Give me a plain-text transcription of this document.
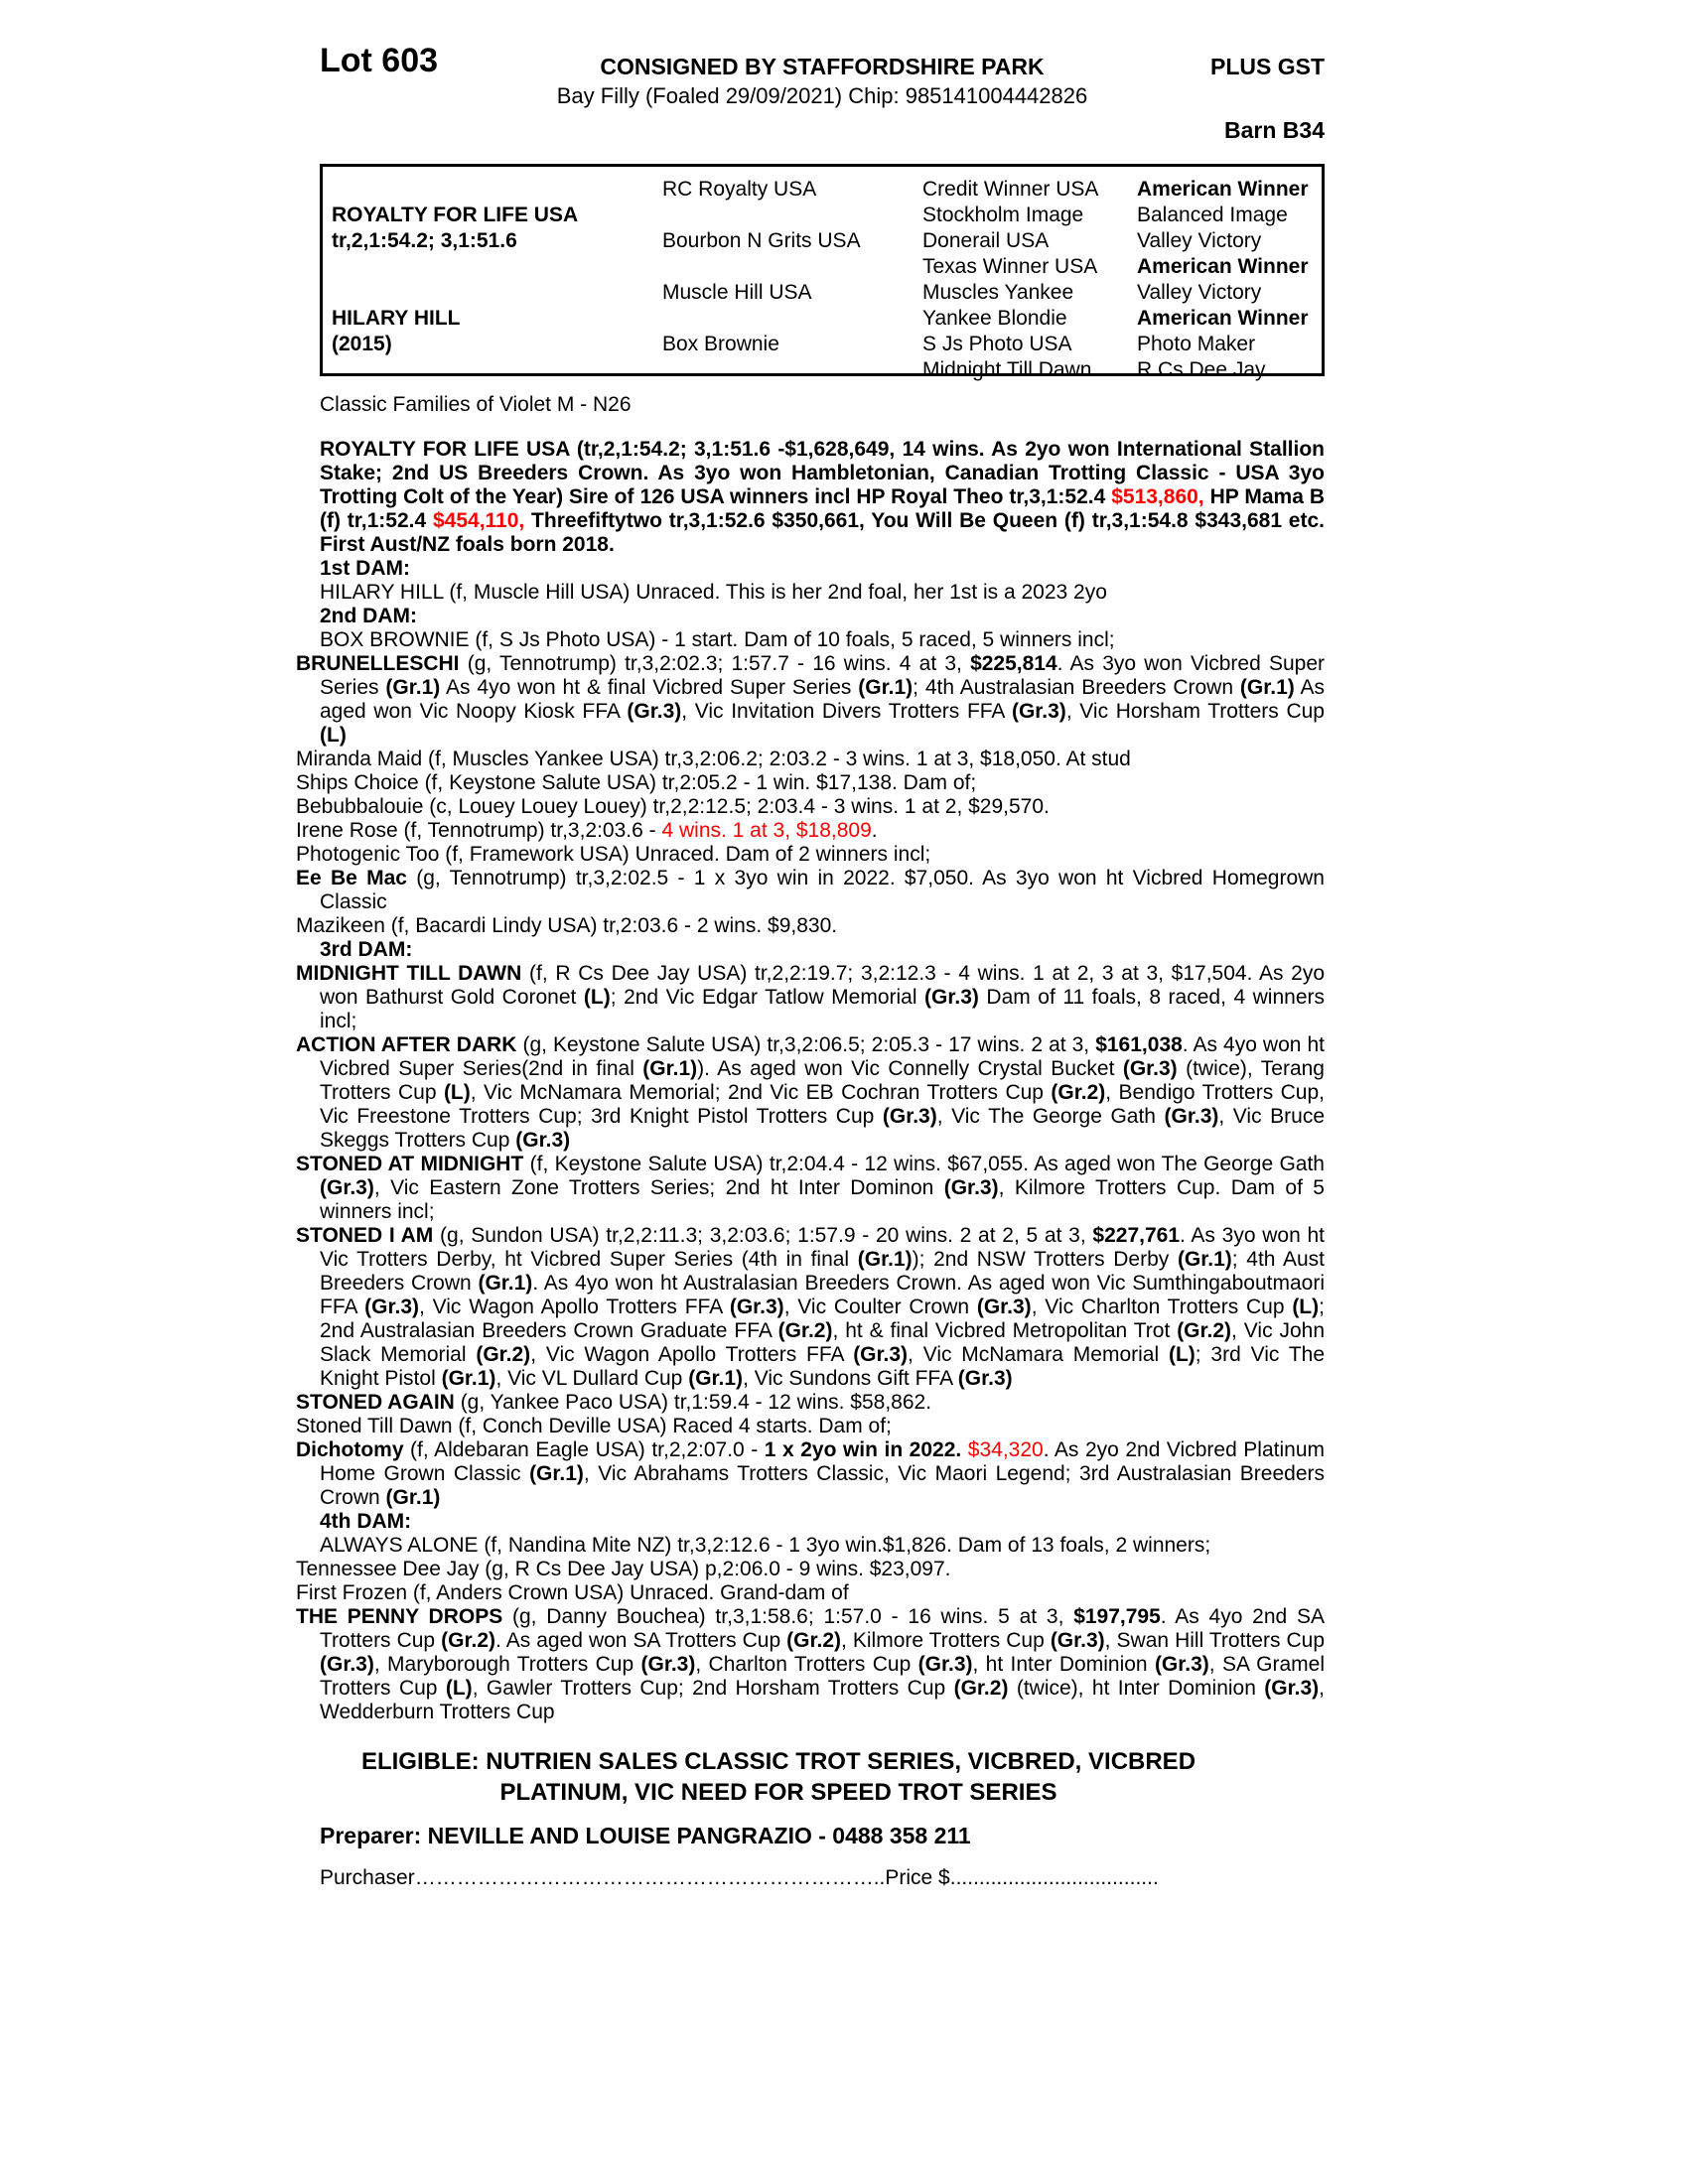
Lot 603	CONSIGNED BY STAFFORDSHIRE PARK	PLUS GST
Bay Filly (Foaled 29/09/2021) Chip: 985141004442826
Barn B34
ROYALTY FOR LIFE USA
tr,2,1:54.2; 3,1:51.6
HILARY HILL
(2015)
RC Royalty USA
Bourbon N Grits USA
Muscle Hill USA
Box Brownie
Credit Winner USA
Stockholm Image
Donerail USA
Texas Winner USA
Muscles Yankee
Yankee Blondie
S Js Photo USA
Midnight Till Dawn
American Winner
Balanced Image
Valley Victory
American Winner
Valley Victory
American Winner
Photo Maker
R Cs Dee Jay

Classic Families of Violet M - N26

ROYALTY FOR LIFE USA (tr,2,1:54.2; 3,1:51.6 -$1,628,649, 14 wins. As 2yo won International Stallion Stake; 2nd US Breeders Crown. As 3yo won Hambletonian, Canadian Trotting Classic - USA 3yo Trotting Colt of the Year) Sire of 126 USA winners incl HP Royal Theo tr,3,1:52.4 $513,860, HP Mama B (f) tr,1:52.4 $454,110, Threefiftytwo tr,3,1:52.6 $350,661, You Will Be Queen (f) tr,3,1:54.8 $343,681 etc. First Aust/NZ foals born 2018.

1st DAM:

HILARY HILL (f, Muscle Hill USA) Unraced. This is her 2nd foal, her 1st is a 2023 2yo

2nd DAM:

BOX BROWNIE (f, S Js Photo USA) - 1 start. Dam of 10 foals, 5 raced, 5 winners incl;

BRUNELLESCHI (g, Tennotrump) tr,3,2:02.3; 1:57.7 - 16 wins. 4 at 3, $225,814. As 3yo won Vicbred Super Series (Gr.1) As 4yo won ht & final Vicbred Super Series (Gr.1); 4th Australasian Breeders Crown (Gr.1) As aged won Vic Noopy Kiosk FFA (Gr.3), Vic Invitation Divers Trotters FFA (Gr.3), Vic Horsham Trotters Cup (L)

Miranda Maid (f, Muscles Yankee USA) tr,3,2:06.2; 2:03.2 - 3 wins. 1 at 3, $18,050. At stud

Ships Choice (f, Keystone Salute USA) tr,2:05.2 - 1 win. $17,138. Dam of;

Bebubbalouie (c, Louey Louey Louey) tr,2,2:12.5; 2:03.4 - 3 wins. 1 at 2, $29,570.

Irene Rose (f, Tennotrump) tr,3,2:03.6 - 4 wins. 1 at 3, $18,809.

Photogenic Too (f, Framework USA) Unraced. Dam of 2 winners incl;

Ee Be Mac (g, Tennotrump) tr,3,2:02.5 - 1 x 3yo win in 2022. $7,050. As 3yo won ht Vicbred Homegrown Classic

Mazikeen (f, Bacardi Lindy USA) tr,2:03.6 - 2 wins. $9,830.

3rd DAM:

MIDNIGHT TILL DAWN (f, R Cs Dee Jay USA) tr,2,2:19.7; 3,2:12.3 - 4 wins. 1 at 2, 3 at 3, $17,504. As 2yo won Bathurst Gold Coronet (L); 2nd Vic Edgar Tatlow Memorial (Gr.3) Dam of 11 foals, 8 raced, 4 winners incl;

ACTION AFTER DARK (g, Keystone Salute USA) tr,3,2:06.5; 2:05.3 - 17 wins. 2 at 3, $161,038. As 4yo won ht Vicbred Super Series(2nd in final (Gr.1)). As aged won Vic Connelly Crystal Bucket (Gr.3) (twice), Terang Trotters Cup (L), Vic McNamara Memorial; 2nd Vic EB Cochran Trotters Cup (Gr.2), Bendigo Trotters Cup, Vic Freestone Trotters Cup; 3rd Knight Pistol Trotters Cup (Gr.3), Vic The George Gath (Gr.3), Vic Bruce Skeggs Trotters Cup (Gr.3)

STONED AT MIDNIGHT (f, Keystone Salute USA) tr,2:04.4 - 12 wins. $67,055. As aged won The George Gath (Gr.3), Vic Eastern Zone Trotters Series; 2nd ht Inter Dominon (Gr.3), Kilmore Trotters Cup. Dam of 5 winners incl;

STONED I AM (g, Sundon USA) tr,2,2:11.3; 3,2:03.6; 1:57.9 - 20 wins. 2 at 2, 5 at 3, $227,761. As 3yo won ht Vic Trotters Derby, ht Vicbred Super Series (4th in final (Gr.1)); 2nd NSW Trotters Derby (Gr.1); 4th Aust Breeders Crown (Gr.1). As 4yo won ht Australasian Breeders Crown. As aged won Vic Sumthingaboutmaori FFA (Gr.3), Vic Wagon Apollo Trotters FFA (Gr.3), Vic Coulter Crown (Gr.3), Vic Charlton Trotters Cup (L); 2nd Australasian Breeders Crown Graduate FFA (Gr.2), ht & final Vicbred Metropolitan Trot (Gr.2), Vic John Slack Memorial (Gr.2), Vic Wagon Apollo Trotters FFA (Gr.3), Vic McNamara Memorial (L); 3rd Vic The Knight Pistol (Gr.1), Vic VL Dullard Cup (Gr.1), Vic Sundons Gift FFA (Gr.3)

STONED AGAIN (g, Yankee Paco USA) tr,1:59.4 - 12 wins. $58,862.

Stoned Till Dawn (f, Conch Deville USA) Raced 4 starts. Dam of;

Dichotomy (f, Aldebaran Eagle USA) tr,2,2:07.0 - 1 x 2yo win in 2022. $34,320. As 2yo 2nd Vicbred Platinum Home Grown Classic (Gr.1), Vic Abrahams Trotters Classic, Vic Maori Legend; 3rd Australasian Breeders Crown (Gr.1)

4th DAM:

ALWAYS ALONE (f, Nandina Mite NZ) tr,3,2:12.6 - 1 3yo win.$1,826. Dam of 13 foals, 2 winners;

Tennessee Dee Jay (g, R Cs Dee Jay USA) p,2:06.0 - 9 wins. $23,097.

First Frozen (f, Anders Crown USA) Unraced. Grand-dam of

THE PENNY DROPS (g, Danny Bouchea) tr,3,1:58.6; 1:57.0 - 16 wins. 5 at 3, $197,795. As 4yo 2nd SA Trotters Cup (Gr.2). As aged won SA Trotters Cup (Gr.2), Kilmore Trotters Cup (Gr.3), Swan Hill Trotters Cup (Gr.3), Maryborough Trotters Cup (Gr.3), Charlton Trotters Cup (Gr.3), ht Inter Dominion (Gr.3), SA Gramel Trotters Cup (L), Gawler Trotters Cup; 2nd Horsham Trotters Cup (Gr.2) (twice), ht Inter Dominion (Gr.3), Wedderburn Trotters Cup

ELIGIBLE: NUTRIEN SALES CLASSIC TROT SERIES, VICBRED, VICBRED
PLATINUM, VIC NEED FOR SPEED TROT SERIES
Preparer: NEVILLE AND LOUISE PANGRAZIO - 0488 358 211
Purchaser…………………………………………………………..Price $....................................
